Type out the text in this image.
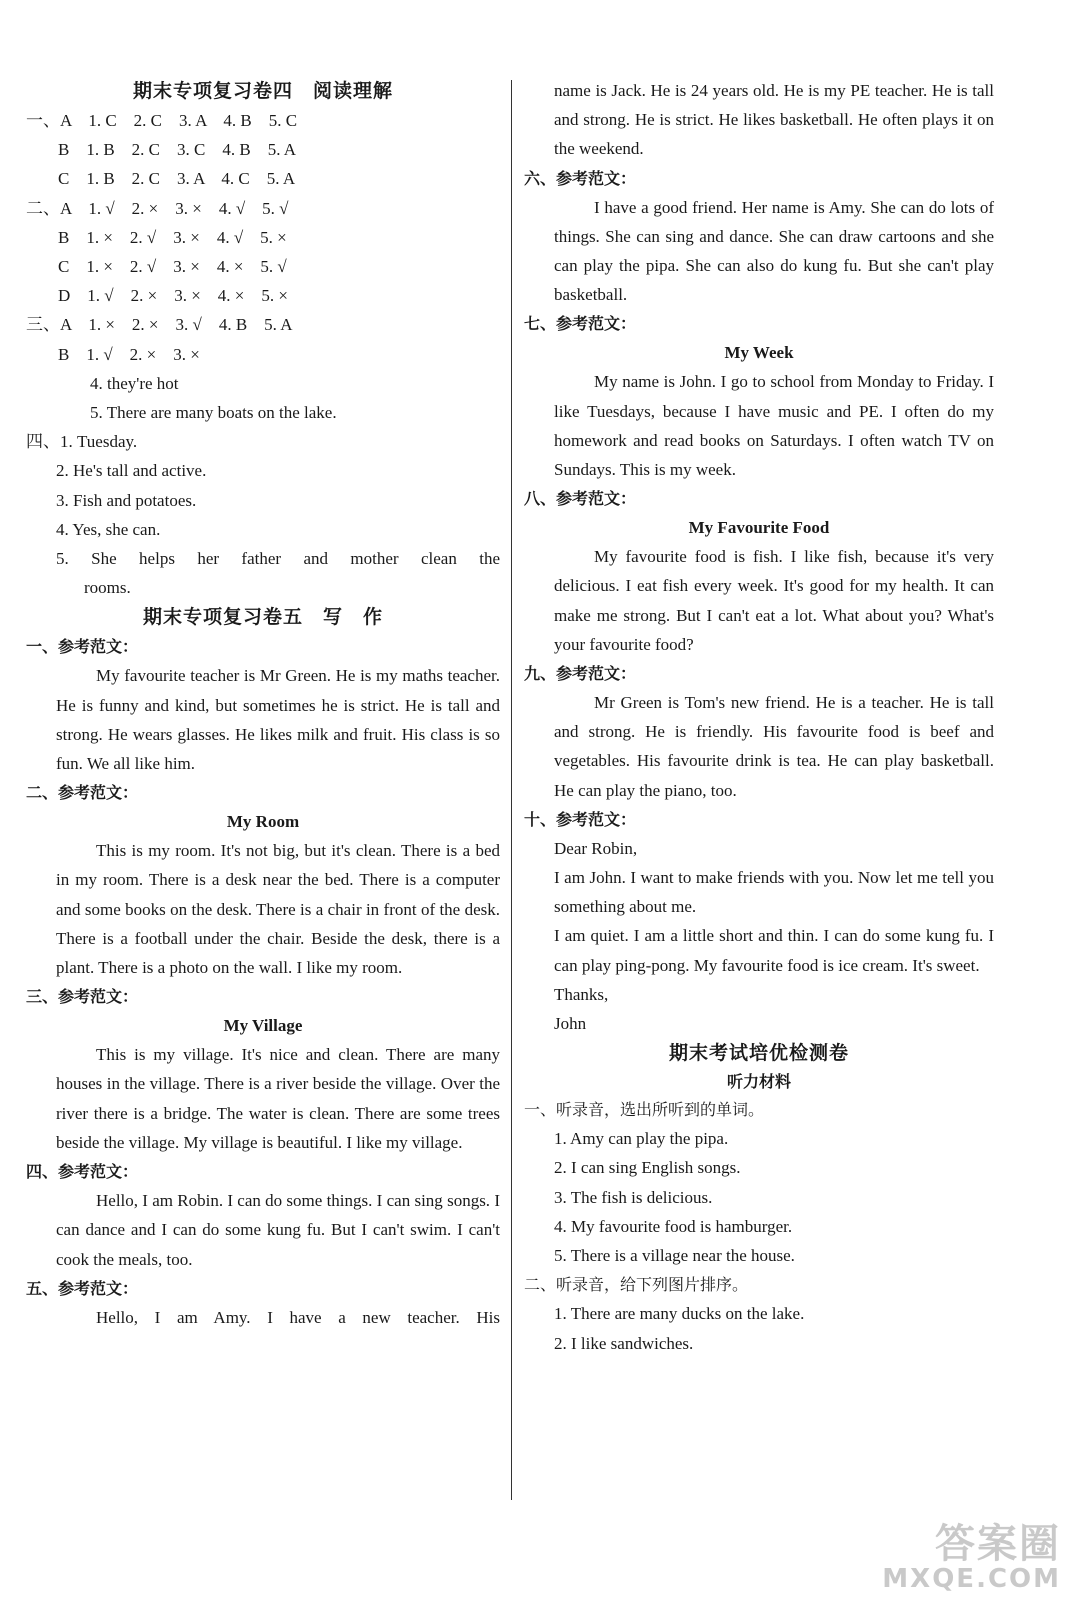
期末专项复习卷四　阅读理解
一、A　1. C　2. C　3. A　4. B　5. C
B　1. B　2. C　3. C　4. B　5. A
C　1. B　2. C　3. A　4. C　5. A
二、A　1. √　2. ×　3. ×　4. √　5. √
B　1. ×　2. √　3. ×　4. √　5. ×
C　1. ×　2. √　3. ×　4. ×　5. √
D　1. √　2. ×　3. ×　4. ×　5. ×
三、A　1. ×　2. ×　3. √　4. B　5. A
B　1. √　2. ×　3. ×
4. they're hot
5. There are many boats on the lake.
四、1. Tuesday.
2. He's tall and active.
3. Fish and potatoes.
4. Yes, she can.
5. She helps her father and mother clean the
rooms.
期末专项复习卷五　写　作
一、参考范文：
My favourite teacher is Mr Green. He is my maths teacher. He is funny and kind, but sometimes he is strict. He is tall and strong. He wears glasses. He likes milk and fruit. His class is so fun. We all like him.
二、参考范文：
My Room
This is my room. It's not big, but it's clean. There is a bed in my room. There is a desk near the bed. There is a computer and some books on the desk. There is a chair in front of the desk. There is a football under the chair. Beside the desk, there is a plant. There is a photo on the wall. I like my room.
三、参考范文：
My Village
This is my village. It's nice and clean. There are many houses in the village. There is a river beside the village. Over the river there is a bridge. The water is clean. There are some trees beside the village. My village is beautiful. I like my village.
四、参考范文：
Hello, I am Robin. I can do some things. I can sing songs. I can dance and I can do some kung fu. But I can't swim. I can't cook the meals, too.
五、参考范文：
Hello, I am Amy. I have a new teacher. His
name is Jack. He is 24 years old. He is my PE teacher. He is tall and strong. He is strict. He likes basketball. He often plays it on the weekend.
六、参考范文：
I have a good friend. Her name is Amy. She can do lots of things. She can sing and dance. She can draw cartoons and she can play the pipa. She can also do kung fu. But she can't play basketball.
七、参考范文：
My Week
My name is John. I go to school from Monday to Friday. I like Tuesdays, because I have music and PE. I often do my homework and read books on Saturdays. I often watch TV on Sundays. This is my week.
八、参考范文：
My Favourite Food
My favourite food is fish. I like fish, because it's very delicious. I eat fish every week. It's good for my health. It can make me strong. But I can't eat a lot. What about you? What's your favourite food?
九、参考范文：
Mr Green is Tom's new friend. He is a teacher. He is tall and strong. He is friendly. His favourite food is beef and vegetables. His favourite drink is tea. He can play basketball. He can play the piano, too.
十、参考范文：
Dear Robin,
I am John. I want to make friends with you. Now let me tell you something about me.
I am quiet. I am a little short and thin. I can do some kung fu. I can play ping-pong. My favourite food is ice cream. It's sweet.
Thanks,
John
期末考试培优检测卷
听力材料
一、听录音，选出所听到的单词。
1. Amy can play the pipa.
2. I can sing English songs.
3. The fish is delicious.
4. My favourite food is hamburger.
5. There is a village near the house.
二、听录音，给下列图片排序。
1. There are many ducks on the lake.
2. I like sandwiches.
答案圈
MXQE.COM
